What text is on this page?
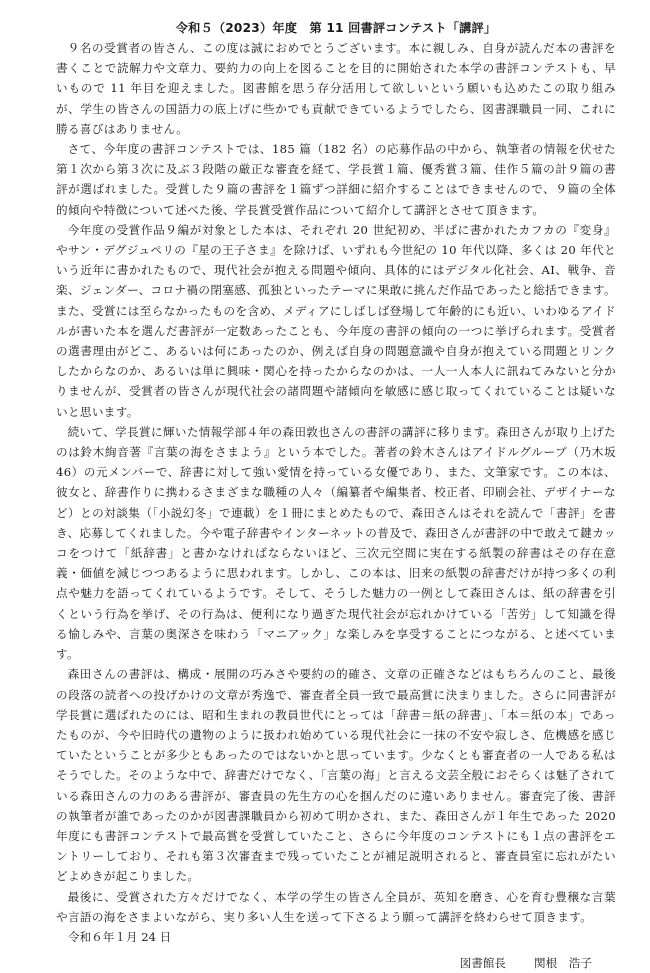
令和５（2023）年度　第 11 回書評コンテスト「講評」

９名の受賞者の皆さん、この度は誠におめでとうございます。本に親しみ、自身が読んだ本の書評を書くことで読解力や文章力、要約力の向上を図ることを目的に開始された本学の書評コンテストも、早いもので 11 年目を迎えました。図書館を思う存分活用して欲しいという願いも込めたこの取り組みが、学生の皆さんの国語力の底上げに些かでも貢献できているようでしたら、図書課職員一同、これに勝る喜びはありません。

さて、今年度の書評コンテストでは、185 篇（182 名）の応募作品の中から、執筆者の情報を伏せた第１次から第３次に及ぶ３段階の厳正な審査を経て、学長賞１篇、優秀賞３篇、佳作５篇の計９篇の書評が選ばれました。受賞した９篇の書評を１篇ずつ詳細に紹介することはできませんので、９篇の全体的傾向や特徴について述べた後、学長賞受賞作品について紹介して講評とさせて頂きます。

今年度の受賞作品９編が対象とした本は、それぞれ 20 世紀初め、半ばに書かれたカフカの『変身』やサン・デグジュペリの『星の王子さま』を除けば、いずれも今世紀の 10 年代以降、多くは 20 年代という近年に書かれたもので、現代社会が抱える問題や傾向、具体的にはデジタル化社会、AI、戦争、音楽、ジェンダー、コロナ禍の閉塞感、孤独といったテーマに果敢に挑んだ作品であったと総括できます。また、受賞には至らなかったものを含め、メディアにしばしば登場して年齢的にも近い、いわゆるアイドルが書いた本を選んだ書評が一定数あったことも、今年度の書評の傾向の一つに挙げられます。受賞者の選書理由がどこ、あるいは何にあったのか、例えば自身の問題意識や自身が抱えている問題とリンクしたからなのか、あるいは単に興味・関心を持ったからなのかは、一人一人本人に訊ねてみないと分かりませんが、受賞者の皆さんが現代社会の諸問題や諸傾向を敏感に感じ取ってくれていることは疑いないと思います。

続いて、学長賞に輝いた情報学部４年の森田敦也さんの書評の講評に移ります。森田さんが取り上げたのは鈴木絢音著『言葉の海をさまよう』という本でした。著者の鈴木さんはアイドルグループ（乃木坂 46）の元メンバーで、辞書に対して強い愛情を持っている女優であり、また、文筆家です。この本は、彼女と、辞書作りに携わるさまざまな職種の人々（編纂者や編集者、校正者、印刷会社、デザイナーなど）との対談集（「小説幻冬」で連載）を１冊にまとめたもので、森田さんはそれを読んで「書評」を書き、応募してくれました。今や電子辞書やインターネットの普及で、森田さんが書評の中で敢えて鍵カッコをつけて「紙辞書」と書かなければならないほど、三次元空間に実在する紙製の辞書はその存在意義・価値を減じつつあるように思われます。しかし、この本は、旧来の紙製の辞書だけが持つ多くの利点や魅力を語ってくれているようです。そして、そうした魅力の一例として森田さんは、紙の辞書を引くという行為を挙げ、その行為は、便利になり過ぎた現代社会が忘れかけている「苦労」して知識を得る愉しみや、言葉の奥深さを味わう「マニアック」な楽しみを享受することにつながる、と述べています。

森田さんの書評は、構成・展開の巧みさや要約の的確さ、文章の正確さなどはもちろんのこと、最後の段落の読者への投げかけの文章が秀逸で、審査者全員一致で最高賞に決まりました。さらに同書評が学長賞に選ばれたのには、昭和生まれの教員世代にとっては「辞書＝紙の辞書」、「本＝紙の本」であったものが、今や旧時代の遺物のように扱われ始めている現代社会に一抹の不安や寂しさ、危機感を感じていたということが多少ともあったのではないかと思っています。少なくとも審査者の一人である私はそうでした。そのような中で、辞書だけでなく、「言葉の海」と言える文芸全般におそらくは魅了されている森田さんの力のある書評が、審査員の先生方の心を掴んだのに違いありません。審査完了後、書評の執筆者が誰であったのかが図書課職員から初めて明かされ、また、森田さんが１年生であった 2020 年度にも書評コンテストで最高賞を受賞していたこと、さらに今年度のコンテストにも１点の書評をエントリーしており、それも第３次審査まで残っていたことが補足説明されると、審査員室に忘れがたいどよめきが起こりました。

最後に、受賞された方々だけでなく、本学の学生の皆さん全員が、英知を磨き、心を育む豊穣な言葉や言語の海をさまよいながら、実り多い人生を送って下さるよう願って講評を終わらせて頂きます。

令和６年１月 24 日

図書館長 関根　浩子
